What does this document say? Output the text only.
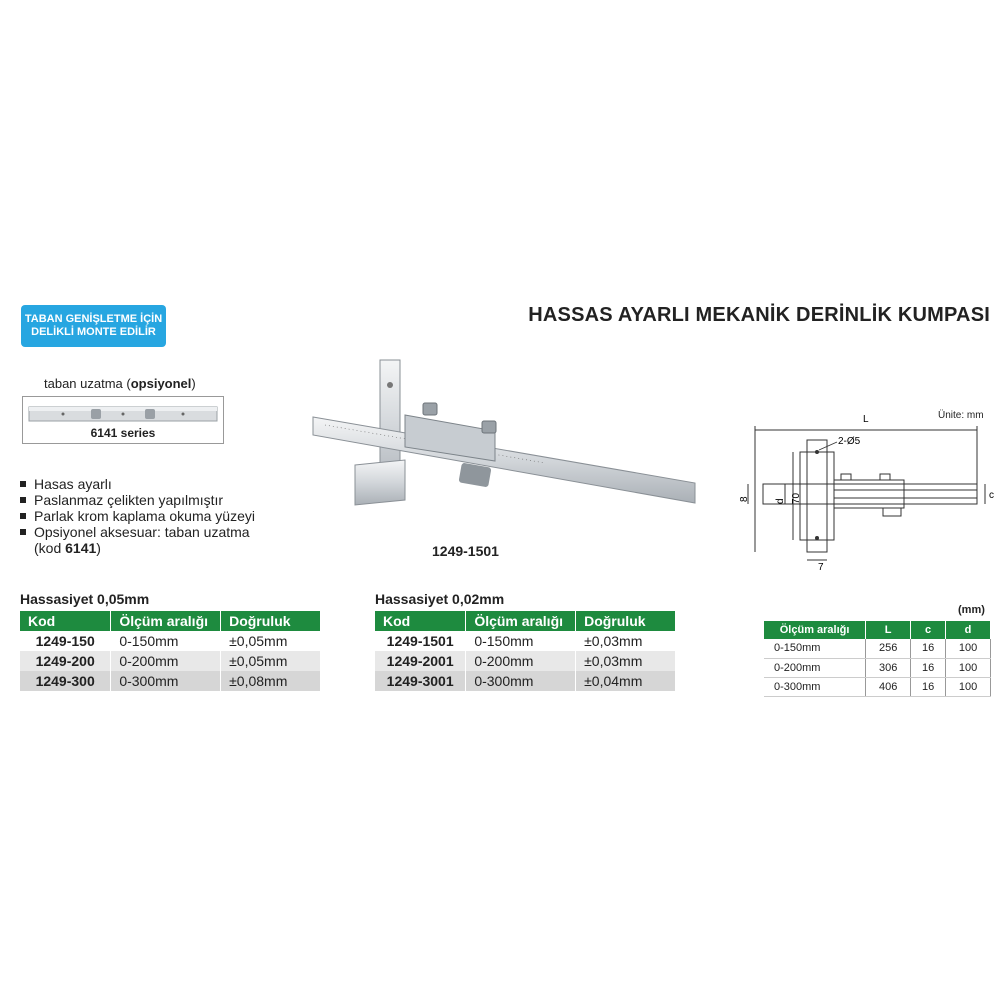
TABAN GENİŞLETME İÇİN
DELİKLİ MONTE EDİLİR
HASSAS AYARLI MEKANİK DERİNLİK KUMPASI
taban uzatma (opsiyonel)
6141 series
Hasas ayarlı
Paslanmaz çelikten yapılmıştır
Parlak krom kaplama okuma yüzeyi
Opsiyonel aksesuar: taban uzatma
(kod 6141)	1249-1501
Ünite: mm
L
2-Ø5
c
d 70
8
7
Hassasiyet 0,05mm
Kod	Ölçüm aralığı	Doğruluk
1249-150	0-150mm	±0,05mm
1249-200	0-200mm	±0,05mm
1249-300	0-300mm	±0,08mm
Hassasiyet 0,02mm
Kod	Ölçüm aralığı	Doğruluk
1249-1501	0-150mm	±0,03mm
1249-2001	0-200mm	±0,03mm
1249-3001	0-300mm	±0,04mm
(mm)
Ölçüm aralığı	L	c	d
0-150mm	256	16	100
0-200mm	306	16	100
0-300mm	406	16	100
